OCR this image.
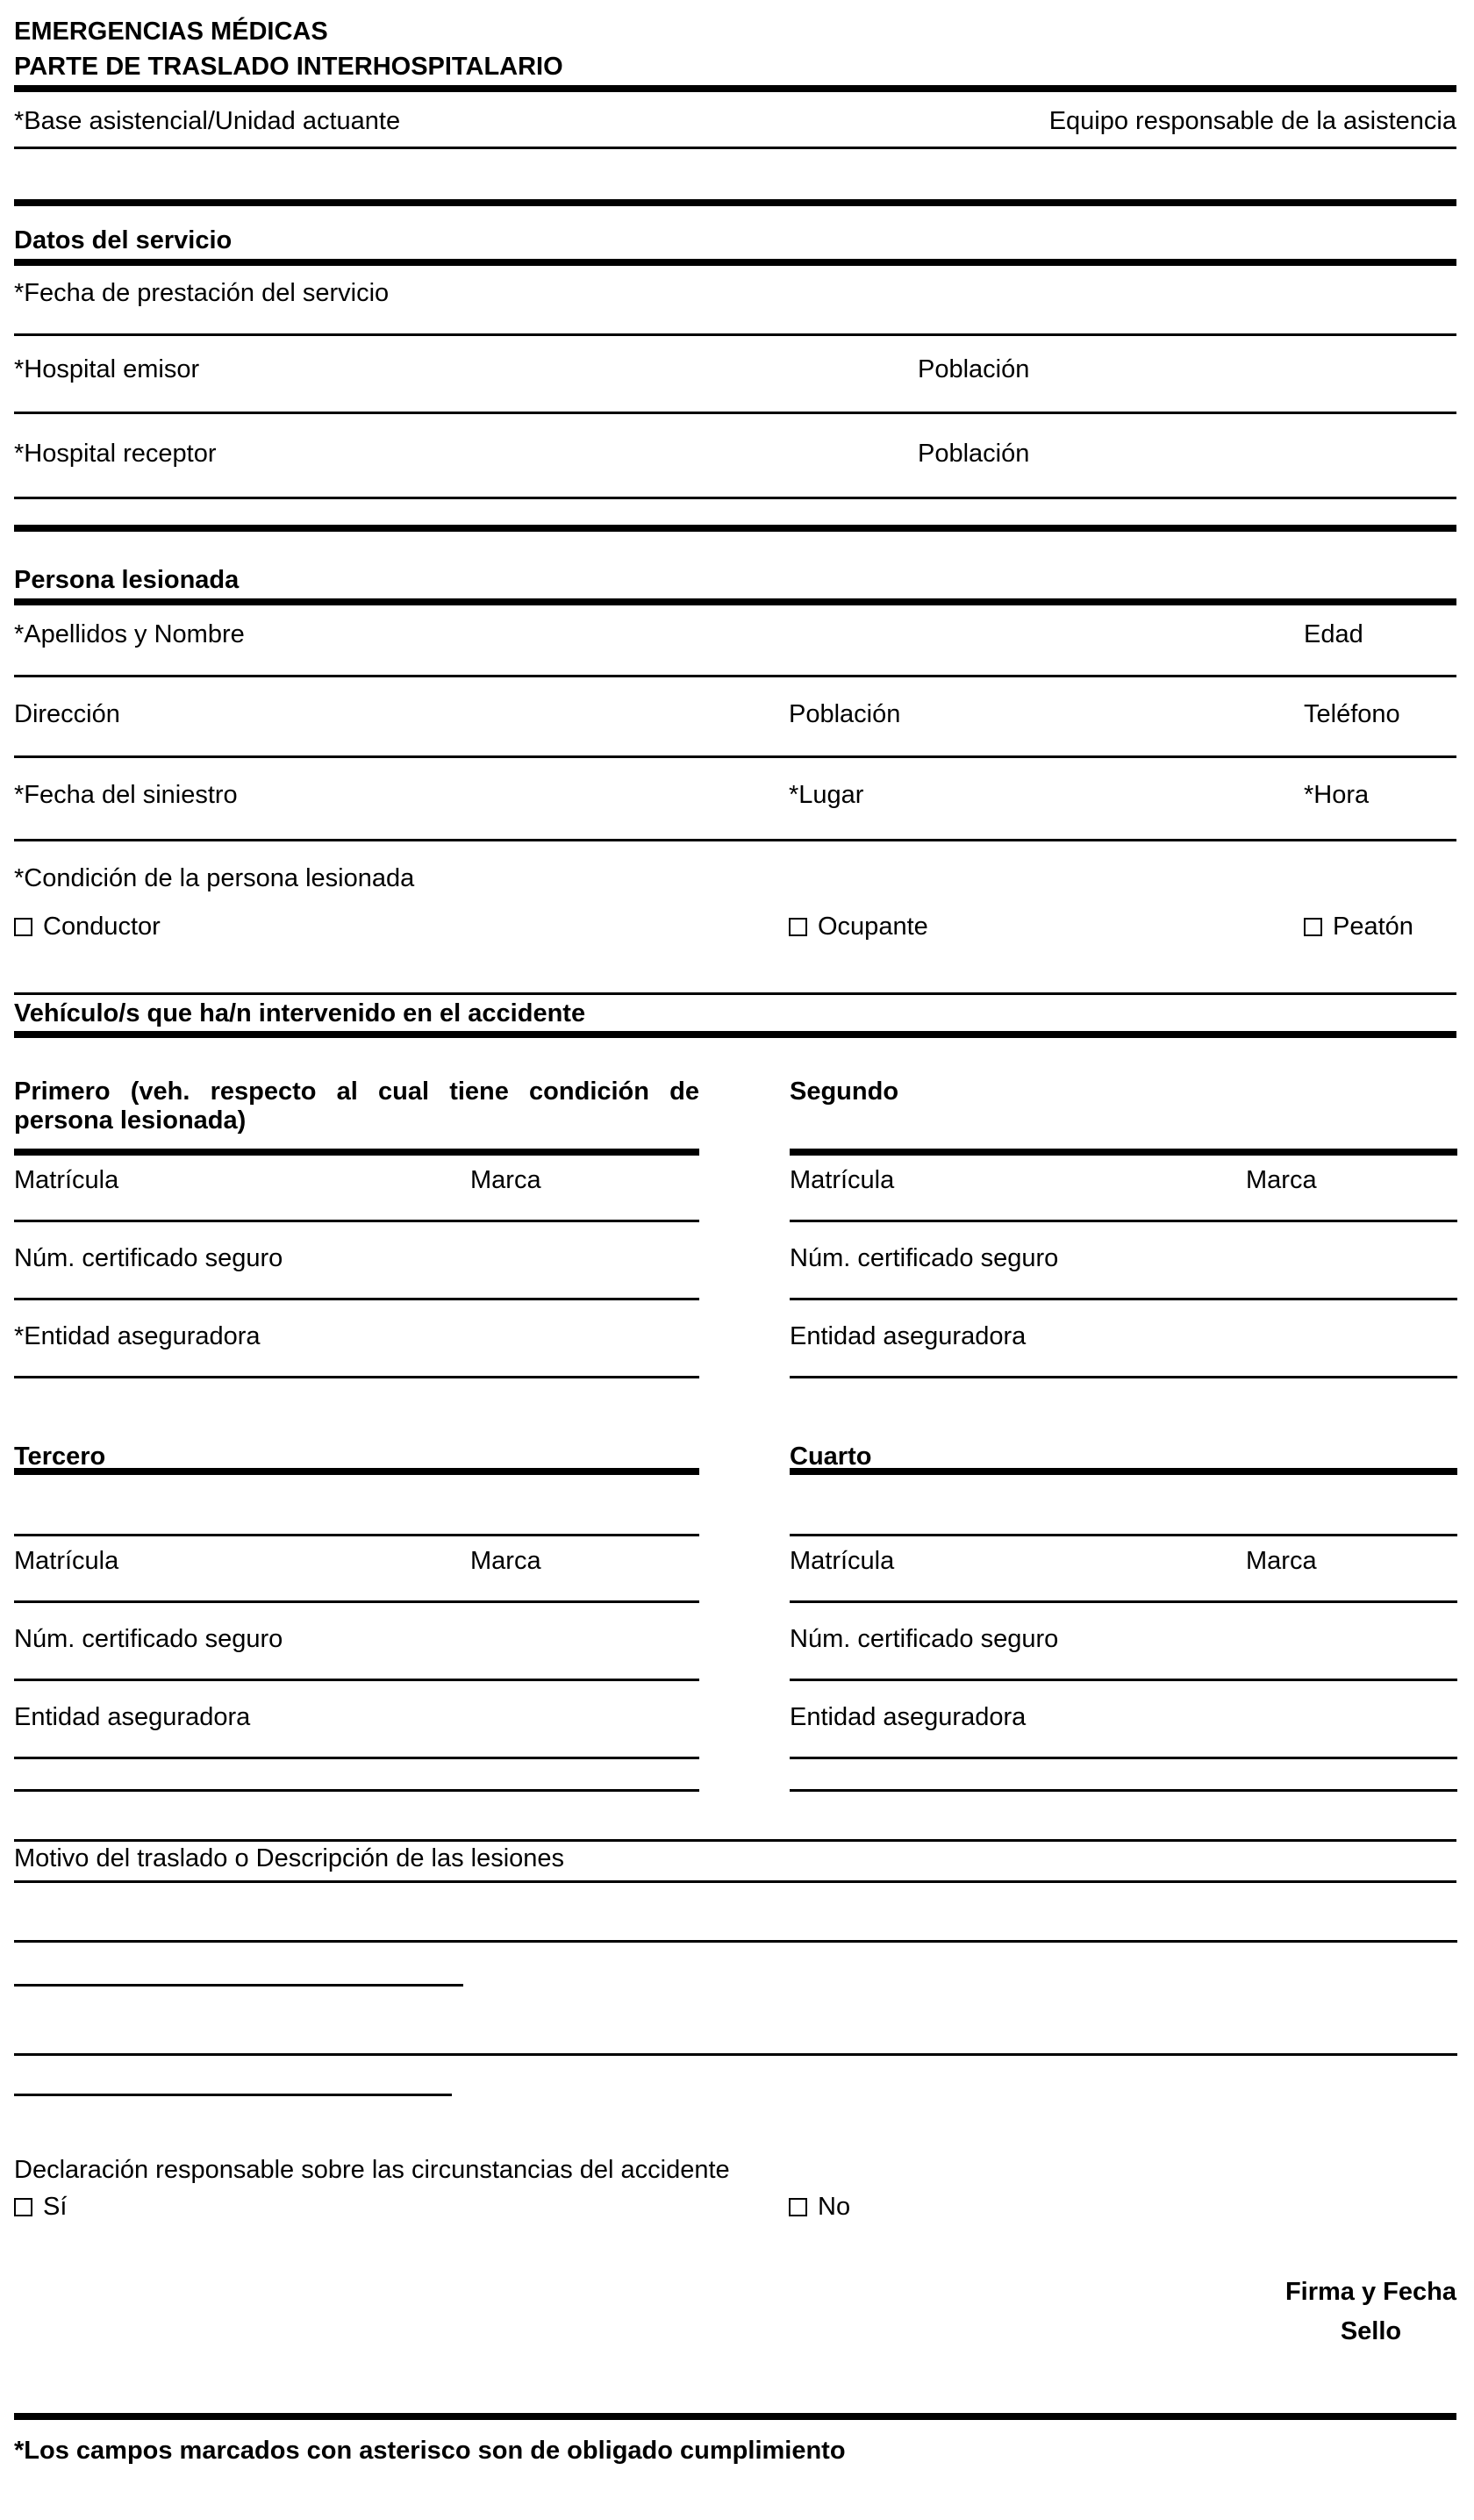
EMERGENCIAS MÉDICAS
PARTE DE TRASLADO INTERHOSPITALARIO
*Base asistencial/Unidad actuante	Equipo responsable de la asistencia
Datos del servicio
*Fecha de prestación del servicio
*Hospital emisor	Población
*Hospital receptor	Población
Persona lesionada
*Apellidos y Nombre	Edad
Dirección	Población	Teléfono
*Fecha del siniestro	*Lugar	*Hora
*Condición de la persona lesionada
Conductor	Ocupante	Peatón
Vehículo/s que ha/n intervenido en el accidente
Primero (veh. respecto al cual tiene condición de persona lesionada)
Matrícula	Marca
Núm. certificado seguro
*Entidad aseguradora
Segundo
Matrícula	Marca
Núm. certificado seguro
Entidad aseguradora
Tercero
Matrícula	Marca
Núm. certificado seguro
Entidad aseguradora
Cuarto
Matrícula	Marca
Núm. certificado seguro
Entidad aseguradora
Motivo del traslado o Descripción de las lesiones
Declaración responsable sobre las circunstancias del accidente
Sí	No
Firma y Fecha
Sello
*Los campos marcados con asterisco son de obligado cumplimiento
